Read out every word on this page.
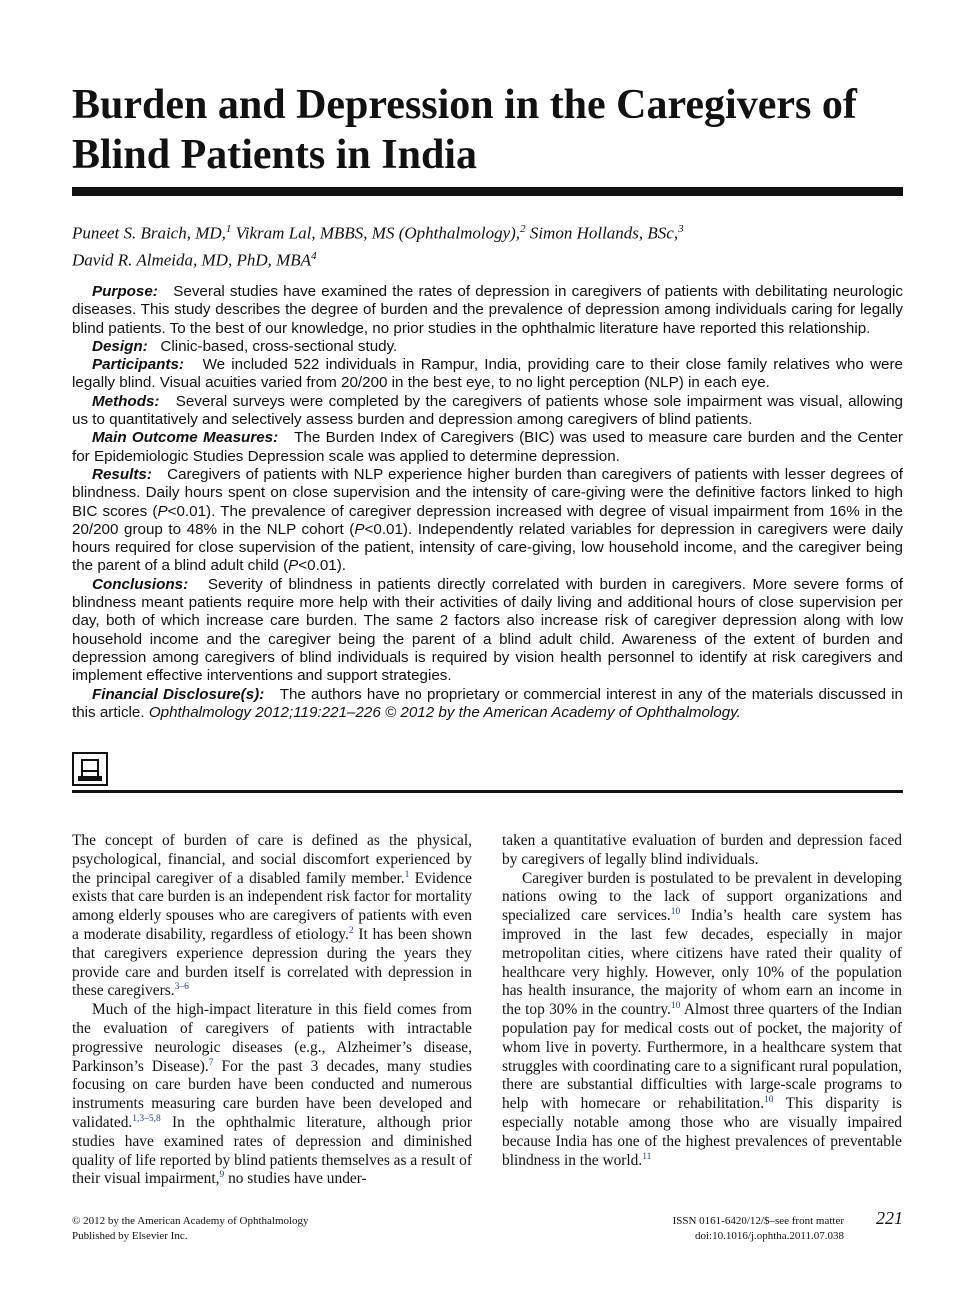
Burden and Depression in the Caregivers of Blind Patients in India
Puneet S. Braich, MD,$^1$ Vikram Lal, MBBS, MS (Ophthalmology),$^2$ Simon Hollands, BSc,$^3$
David R. Almeida, MD, PhD, MBA$^4$

Purpose: Several studies have examined the rates of depression in caregivers of patients with debilitating neurologic diseases. This study describes the degree of burden and the prevalence of depression among individuals caring for legally blind patients. To the best of our knowledge, no prior studies in the ophthalmic literature have reported this relationship.

Design: Clinic-based, cross-sectional study.

Participants: We included 522 individuals in Rampur, India, providing care to their close family relatives who were legally blind. Visual acuities varied from 20/200 in the best eye, to no light perception (NLP) in each eye.

Methods: Several surveys were completed by the caregivers of patients whose sole impairment was visual, allowing us to quantitatively and selectively assess burden and depression among caregivers of blind patients.

Main Outcome Measures: The Burden Index of Caregivers (BIC) was used to measure care burden and the Center for Epidemiologic Studies Depression scale was applied to determine depression.

Results: Caregivers of patients with NLP experience higher burden than caregivers of patients with lesser degrees of blindness. Daily hours spent on close supervision and the intensity of care-giving were the definitive factors linked to high BIC scores (P<0.01). The prevalence of caregiver depression increased with degree of visual impairment from 16% in the 20/200 group to 48% in the NLP cohort (P<0.01). Independently related variables for depression in caregivers were daily hours required for close supervision of the patient, intensity of care-giving, low household income, and the caregiver being the parent of a blind adult child (P<0.01).

Conclusions: Severity of blindness in patients directly correlated with burden in caregivers. More severe forms of blindness meant patients require more help with their activities of daily living and additional hours of close supervision per day, both of which increase care burden. The same 2 factors also increase risk of caregiver depression along with low household income and the caregiver being the parent of a blind adult child. Awareness of the extent of burden and depression among caregivers of blind individuals is required by vision health personnel to identify at risk caregivers and implement effective interventions and support strategies.

Financial Disclosure(s): The authors have no proprietary or commercial interest in any of the materials discussed in this article. Ophthalmology 2012;119:221–226 © 2012 by the American Academy of Ophthalmology.

The concept of burden of care is defined as the physical, psychological, financial, and social discomfort experienced by the principal caregiver of a disabled family member.$^1$ Evidence exists that care burden is an independent risk factor for mortality among elderly spouses who are caregivers of patients with even a moderate disability, regardless of etiology.$^2$ It has been shown that caregivers experience depression during the years they provide care and burden itself is correlated with depression in these caregivers.$^{3-6}$

Much of the high-impact literature in this field comes from the evaluation of caregivers of patients with intractable progressive neurologic diseases (e.g., Alzheimer’s disease, Parkinson’s Disease).$^7$ For the past 3 decades, many studies focusing on care burden have been conducted and numerous instruments measuring care burden have been developed and validated.$^{1,3-5,8}$ In the ophthalmic literature, although prior studies have examined rates of depression and diminished quality of life reported by blind patients themselves as a result of their visual impairment,$^9$ no studies have under-

taken a quantitative evaluation of burden and depression faced by caregivers of legally blind individuals.

Caregiver burden is postulated to be prevalent in developing nations owing to the lack of support organizations and specialized care services.$^{10}$ India’s health care system has improved in the last few decades, especially in major metropolitan cities, where citizens have rated their quality of healthcare very highly. However, only 10% of the population has health insurance, the majority of whom earn an income in the top 30% in the country.$^{10}$ Almost three quarters of the Indian population pay for medical costs out of pocket, the majority of whom live in poverty. Furthermore, in a healthcare system that struggles with coordinating care to a significant rural population, there are substantial difficulties with large-scale programs to help with homecare or rehabilitation.$^{10}$ This disparity is especially notable among those who are visually impaired because India has one of the highest prevalences of preventable blindness in the world.$^{11}$

© 2012 by the American Academy of Ophthalmology
Published by Elsevier Inc.
ISSN 0161-6420/12/$–see front matter
doi:10.1016/j.ophtha.2011.07.038
221
